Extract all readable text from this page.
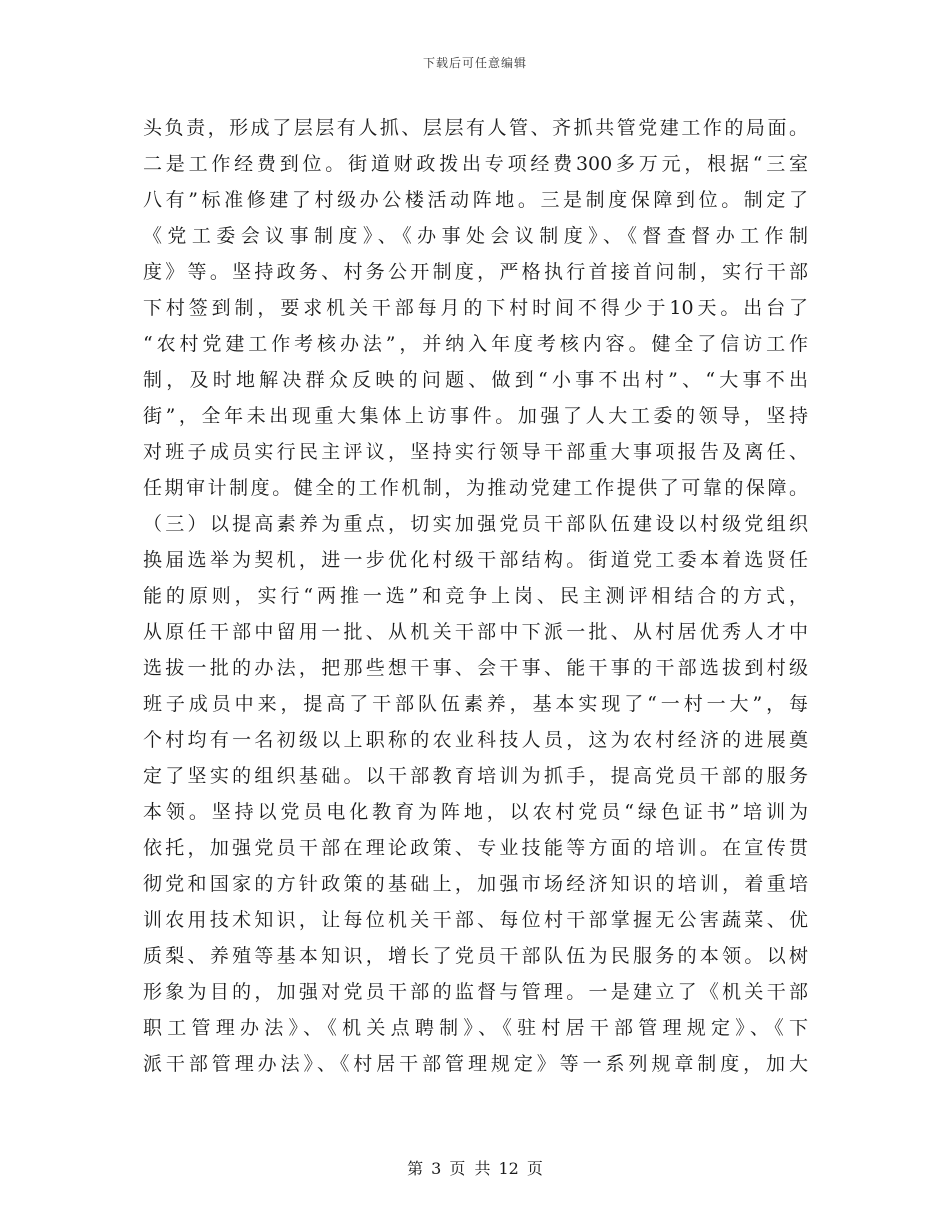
下载后可任意编辑
头负责，形成了层层有人抓、层层有人管、齐抓共管党建工作的局面。
二是工作经费到位。街道财政拨出专项经费300多万元，根据“三室
八有”标准修建了村级办公楼活动阵地。三是制度保障到位。制定了
《党工委会议事制度》、《办事处会议制度》、《督查督办工作制
度》等。坚持政务、村务公开制度，严格执行首接首问制，实行干部
下村签到制，要求机关干部每月的下村时间不得少于10天。出台了
“农村党建工作考核办法”，并纳入年度考核内容。健全了信访工作
制，及时地解决群众反映的问题、做到“小事不出村”、“大事不出
街”，全年未出现重大集体上访事件。加强了人大工委的领导，坚持
对班子成员实行民主评议，坚持实行领导干部重大事项报告及离任、
任期审计制度。健全的工作机制，为推动党建工作提供了可靠的保障。
（三）以提高素养为重点，切实加强党员干部队伍建设以村级党组织
换届选举为契机，进一步优化村级干部结构。街道党工委本着选贤任
能的原则，实行“两推一选”和竞争上岗、民主测评相结合的方式，
从原任干部中留用一批、从机关干部中下派一批、从村居优秀人才中
选拔一批的办法，把那些想干事、会干事、能干事的干部选拔到村级
班子成员中来，提高了干部队伍素养，基本实现了“一村一大”，每
个村均有一名初级以上职称的农业科技人员，这为农村经济的进展奠
定了坚实的组织基础。以干部教育培训为抓手，提高党员干部的服务
本领。坚持以党员电化教育为阵地，以农村党员“绿色证书”培训为
依托，加强党员干部在理论政策、专业技能等方面的培训。在宣传贯
彻党和国家的方针政策的基础上，加强市场经济知识的培训，着重培
训农用技术知识，让每位机关干部、每位村干部掌握无公害蔬菜、优
质梨、养殖等基本知识，增长了党员干部队伍为民服务的本领。以树
形象为目的，加强对党员干部的监督与管理。一是建立了《机关干部
职工管理办法》、《机关点聘制》、《驻村居干部管理规定》、《下
派干部管理办法》、《村居干部管理规定》等一系列规章制度，加大
第 3 页 共 12 页
